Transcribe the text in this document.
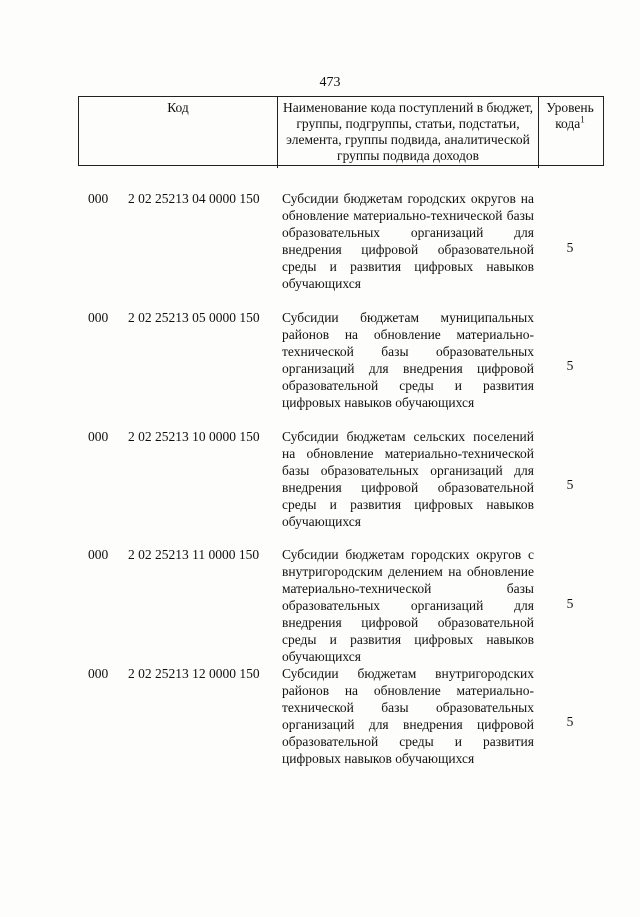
473
Код	Наименование кода поступлений в бюджет, группы, подгруппы, статьи, подстатьи, элемента, группы подвида, аналитической группы подвида доходов
Уровень кода$^1$
000 2 02 25213 04 0000 150 Субсидии бюджетам городских округов на обновление материально-технической базы образовательных организаций для внедрения цифровой образовательной среды и развития цифровых навыков обучающихся
5
000 2 02 25213 05 0000 150 Субсидии бюджетам муниципальных районов на обновление материально-технической базы образовательных организаций для внедрения цифровой образовательной среды и развития цифровых навыков обучающихся
5
000 2 02 25213 10 0000 150 Субсидии бюджетам сельских поселений на обновление материально-технической базы образовательных организаций для внедрения цифровой образовательной среды и развития цифровых навыков обучающихся
5
000 2 02 25213 11 0000 150 Субсидии бюджетам городских округов с внутригородским делением на обновление материально-технической базы образовательных организаций для внедрения цифровой образовательной среды и развития цифровых навыков обучающихся
5
000 2 02 25213 12 0000 150 Субсидии бюджетам внутригородских районов на обновление материально-технической базы образовательных организаций для внедрения цифровой образовательной среды и развития цифровых навыков обучающихся
5
